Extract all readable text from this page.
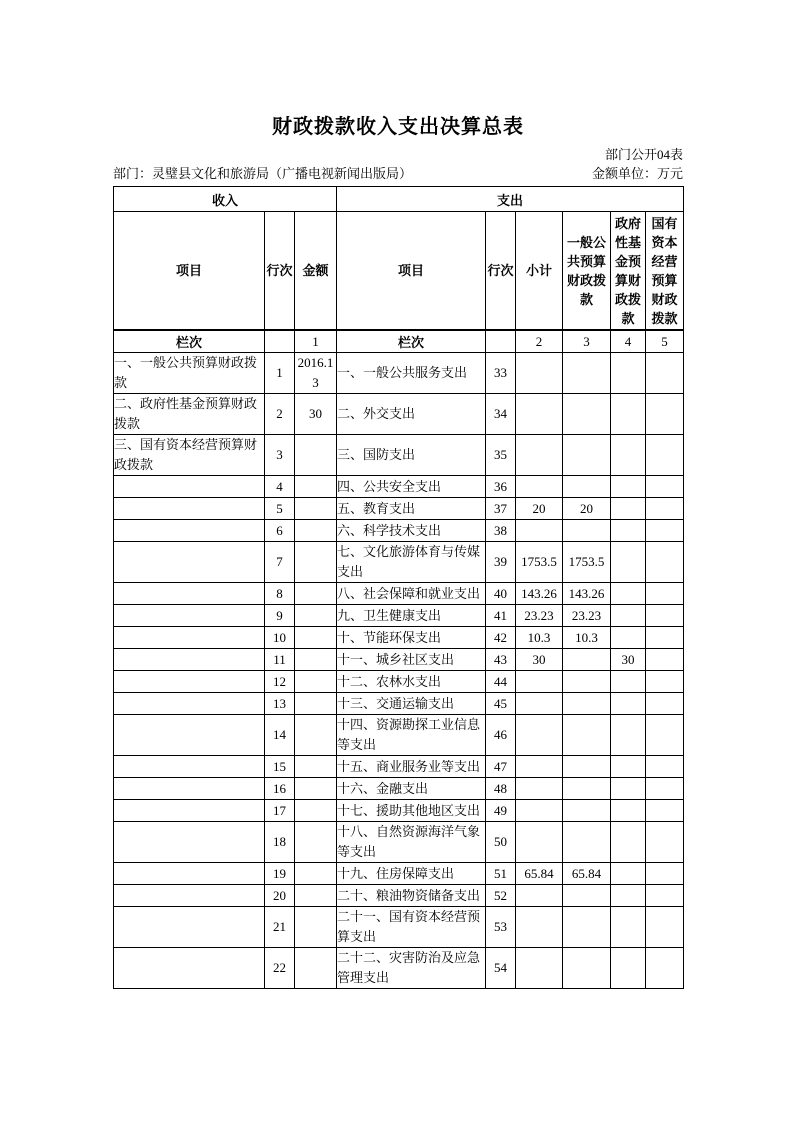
财政拨款收入支出决算总表
部门公开04表
部门：灵璧县文化和旅游局（广播电视新闻出版局）	金额单位：万元
收入			支出					
项目	行次	金额	项目	行次	小计	一般公共预算财政拨款	政府性基金预算财政拨款	国有资本经营预算财政拨款
栏次		1	栏次		2	3	4	5
一、一般公共预算财政拨款	1	2016.13	一、一般公共服务支出	33				
二、政府性基金预算财政拨款	2	30	二、外交支出	34				
三、国有资本经营预算财政拨款	3		三、国防支出	35				
	4		四、公共安全支出	36				
	5		五、教育支出	37	20	20		
	6		六、科学技术支出	38				
	7		七、文化旅游体育与传媒支出	39	1753.5	1753.5		
	8		八、社会保障和就业支出	40	143.26	143.26		
	9		九、卫生健康支出	41	23.23	23.23		
	10		十、节能环保支出	42	10.3	10.3		
	11		十一、城乡社区支出	43	30		30	
	12		十二、农林水支出	44				
	13		十三、交通运输支出	45				
	14		十四、资源勘探工业信息等支出	46				
	15		十五、商业服务业等支出	47				
	16		十六、金融支出	48				
	17		十七、援助其他地区支出	49				
	18		十八、自然资源海洋气象等支出	50				
	19		十九、住房保障支出	51	65.84	65.84		
	20		二十、粮油物资储备支出	52				
	21		二十一、国有资本经营预算支出	53				
	22		二十二、灾害防治及应急管理支出	54				
